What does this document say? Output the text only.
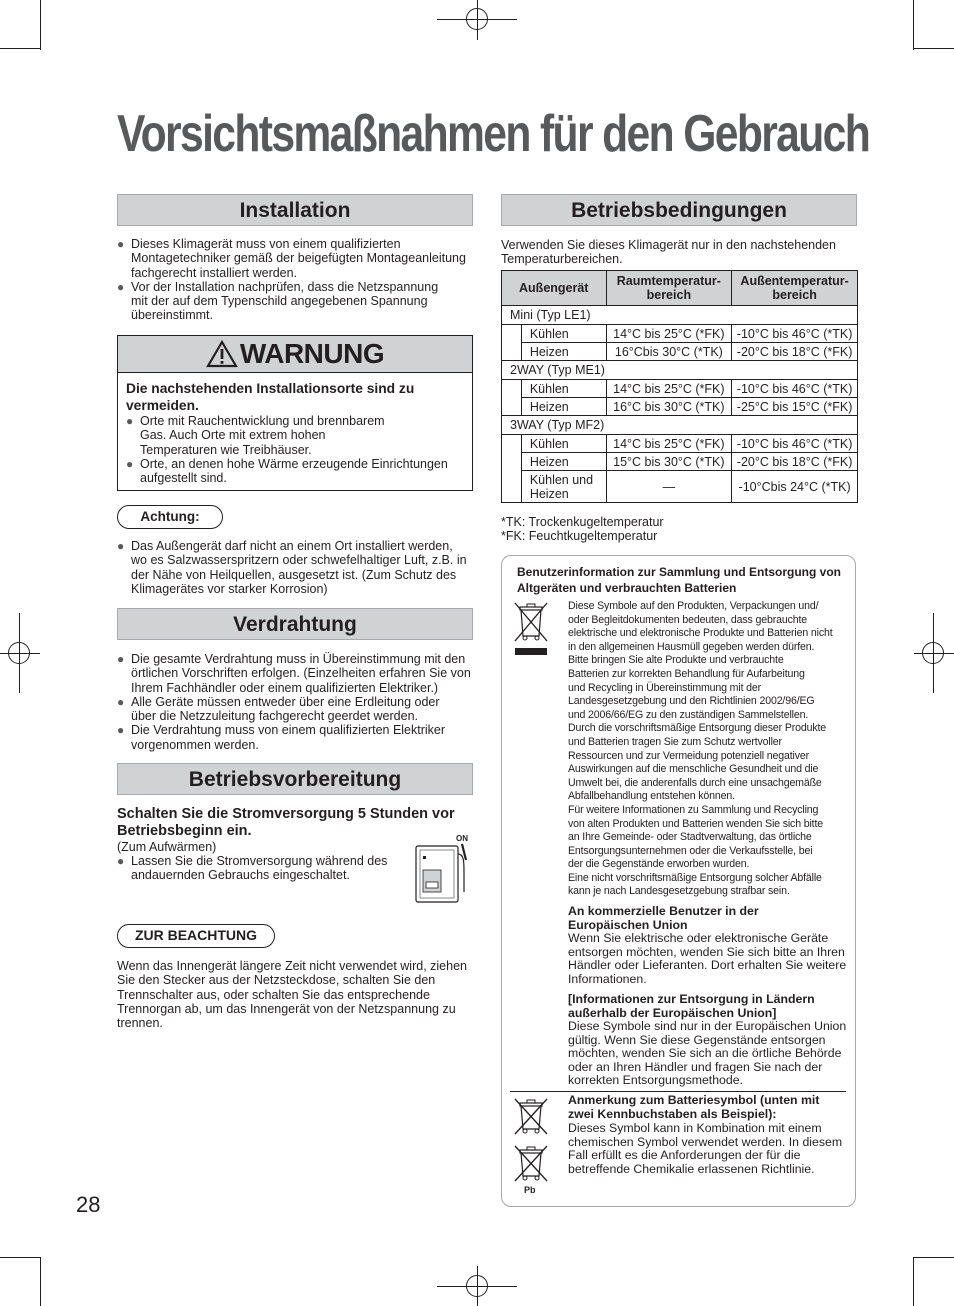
Vorsichtsmaßnahmen für den Gebrauch
Installation
● Dieses Klimagerät muss von einem qualifizierten Montagetechniker gemäß der beigefügten Montageanleitung fachgerecht installiert werden.
● Vor der Installation nachprüfen, dass die Netzspannung mit der auf dem Typenschild angegebenen Spannung übereinstimmt.
WARNUNG
Die nachstehenden Installationsorte sind zu vermeiden.
● Orte mit Rauchentwicklung und brennbarem Gas. Auch Orte mit extrem hohen Temperaturen wie Treibhäuser.
● Orte, an denen hohe Wärme erzeugende Einrichtungen aufgestellt sind.
Achtung:
● Das Außengerät darf nicht an einem Ort installiert werden, wo es Salzwasserspritzern oder schwefelhaltiger Luft, z.B. in der Nähe von Heilquellen, ausgesetzt ist. (Zum Schutz des Klimagerätes vor starker Korrosion)
Verdrahtung
● Die gesamte Verdrahtung muss in Übereinstimmung mit den örtlichen Vorschriften erfolgen. (Einzelheiten erfahren Sie von Ihrem Fachhändler oder einem qualifizierten Elektriker.)
● Alle Geräte müssen entweder über eine Erdleitung oder über die Netzzuleitung fachgerecht geerdet werden.
● Die Verdrahtung muss von einem qualifizierten Elektriker vorgenommen werden.
Betriebsvorbereitung
Schalten Sie die Stromversorgung 5 Stunden vor Betriebsbeginn ein.
(Zum Aufwärmen)
● Lassen Sie die Stromversorgung während des andauernden Gebrauchs eingeschaltet.
ON
ZUR BEACHTUNG
Wenn das Innengerät längere Zeit nicht verwendet wird, ziehen Sie den Stecker aus der Netzsteckdose, schalten Sie den Trennschalter aus, oder schalten Sie das entsprechende Trennorgan ab, um das Innengerät von der Netzspannung zu trennen.
28
Betriebsbedingungen
Verwenden Sie dieses Klimagerät nur in den nachstehenden Temperaturbereichen.
Außengerät		Raumtemperatur-bereich	Außentemperatur-bereich
Mini (Typ LE1)			
	Kühlen	14°C bis 25°C (*FK)	-10°C bis 46°C (*TK)
	Heizen	16°Cbis 30°C (*TK)	-20°C bis 18°C (*FK)
2WAY (Typ ME1)			
	Kühlen	14°C bis 25°C (*FK)	-10°C bis 46°C (*TK)
	Heizen	16°C bis 30°C (*TK)	-25°C bis 15°C (*FK)
3WAY (Typ MF2)			
	Kühlen	14°C bis 25°C (*FK)	-10°C bis 46°C (*TK)
	Heizen	15°C bis 30°C (*TK)	-20°C bis 18°C (*FK)
	Kühlen und Heizen	—	-10°Cbis 24°C (*TK)
*TK: Trockenkugeltemperatur
*FK: Feuchtkugeltemperatur
Benutzerinformation zur Sammlung und Entsorgung von Altgeräten und verbrauchten Batterien
Diese Symbole auf den Produkten, Verpackungen und/
oder Begleitdokumenten bedeuten, dass gebrauchte
elektrische und elektronische Produkte und Batterien nicht
in den allgemeinen Hausmüll gegeben werden dürfen.
Bitte bringen Sie alte Produkte und verbrauchte
Batterien zur korrekten Behandlung für Aufarbeitung
und Recycling in Übereinstimmung mit der
Landesgesetzgebung und den Richtlinien 2002/96/EG
und 2006/66/EG zu den zuständigen Sammelstellen.
Durch die vorschriftsmäßige Entsorgung dieser Produkte
und Batterien tragen Sie zum Schutz wertvoller
Ressourcen und zur Vermeidung potenziell negativer
Auswirkungen auf die menschliche Gesundheit und die
Umwelt bei, die anderenfalls durch eine unsachgemäße
Abfallbehandlung entstehen können.
Für weitere Informationen zu Sammlung und Recycling
von alten Produkten und Batterien wenden Sie sich bitte
an Ihre Gemeinde- oder Stadtverwaltung, das örtliche
Entsorgungsunternehmen oder die Verkaufsstelle, bei
der die Gegenstände erworben wurden.
Eine nicht vorschriftsmäßige Entsorgung solcher Abfälle
kann je nach Landesgesetzgebung strafbar sein.
An kommerzielle Benutzer in der Europäischen Union
Wenn Sie elektrische oder elektronische Geräte entsorgen möchten, wenden Sie sich bitte an Ihren Händler oder Lieferanten. Dort erhalten Sie weitere Informationen.
[Informationen zur Entsorgung in Ländern außerhalb der Europäischen Union]
Diese Symbole sind nur in der Europäischen Union gültig. Wenn Sie diese Gegenstände entsorgen möchten, wenden Sie sich an die örtliche Behörde oder an Ihren Händler und fragen Sie nach der korrekten Entsorgungsmethode.
Pb
Anmerkung zum Batteriesymbol (unten mit zwei Kennbuchstaben als Beispiel):
Dieses Symbol kann in Kombination mit einem chemischen Symbol verwendet werden. In diesem Fall erfüllt es die Anforderungen der für die betreffende Chemikalie erlassenen Richtlinie.
